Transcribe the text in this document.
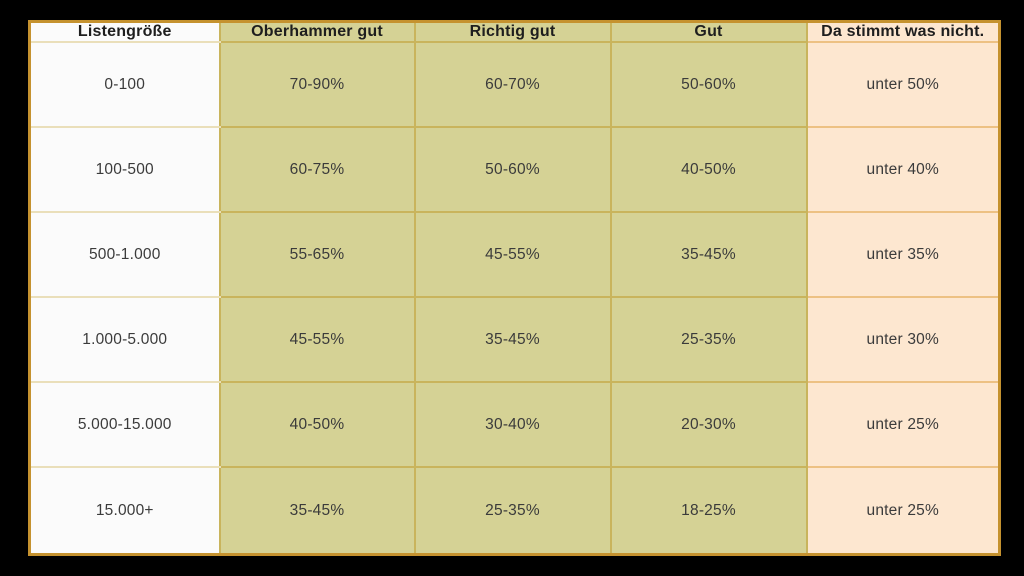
Listengröße	Oberhammer gut	Richtig gut	Gut	Da stimmt was nicht.
0-100	70-90%	60-70%	50-60%	unter 50%
100-500	60-75%	50-60%	40-50%	unter 40%
500-1.000	55-65%	45-55%	35-45%	unter 35%
1.000-5.000	45-55%	35-45%	25-35%	unter 30%
5.000-15.000	40-50%	30-40%	20-30%	unter 25%
15.000+	35-45%	25-35%	18-25%	unter 25%
